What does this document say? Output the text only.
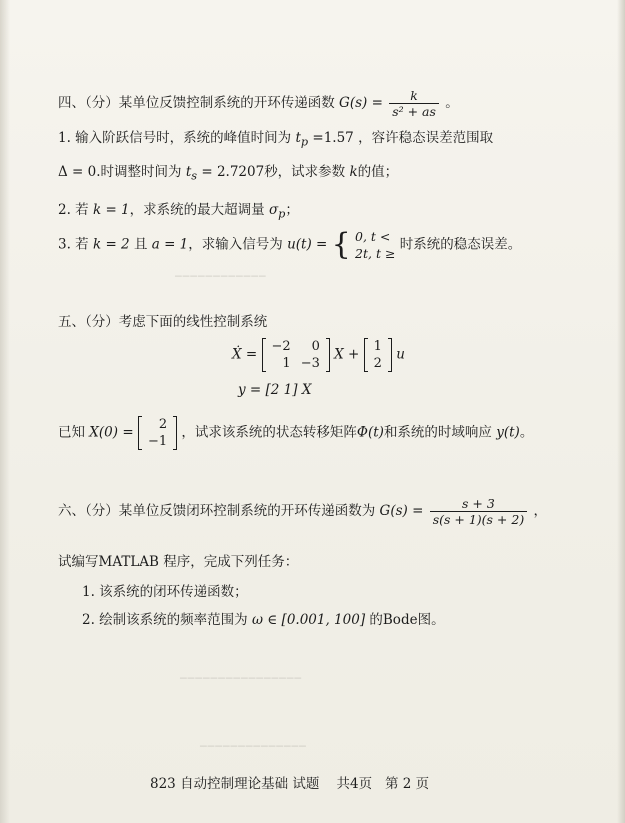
四、（分）某单位反馈控制系统的开环传递函数 $G(s) = \frac{k}{\text{s² + as}}$ 。
1. 输入阶跃信号时，系统的峰值时间为 $t_p =1.57$ ，容许稳态误差范围取
Δ = 0.时调整时间为 $t_s = 2.7207$秒，试求参数 k的值；
2. 若 k = 1，求系统的最大超调量 $\sigma_p$；
3. 若 k = 2 且 a = 1，求输入信号为 u(t) = { 0, t <
2t, t ≥
时系统的稳态误差。
────────────
五、（分）考虑下面的线性控制系统
Ẋ = −2	0
1	−3
X + 1
2
u
y = [2 1] X
已知 X(0) = 2
−1
，试求该系统的状态转移矩阵Φ(t)和系统的时域响应 y(t)。
六、（分）某单位反馈闭环控制系统的开环传递函数为 $G(s) = \frac{s + 3}{s(s + 1)(s + 2)}$ ，
试编写MATLAB 程序，完成下列任务：
1. 该系统的闭环传递函数；
2. 绘制该系统的频率范围为 ω ∈ [0.001, 100] 的Bode图。
────────────────
──────────────
823 自动控制理论基础 试题 共4页 第 2 页
